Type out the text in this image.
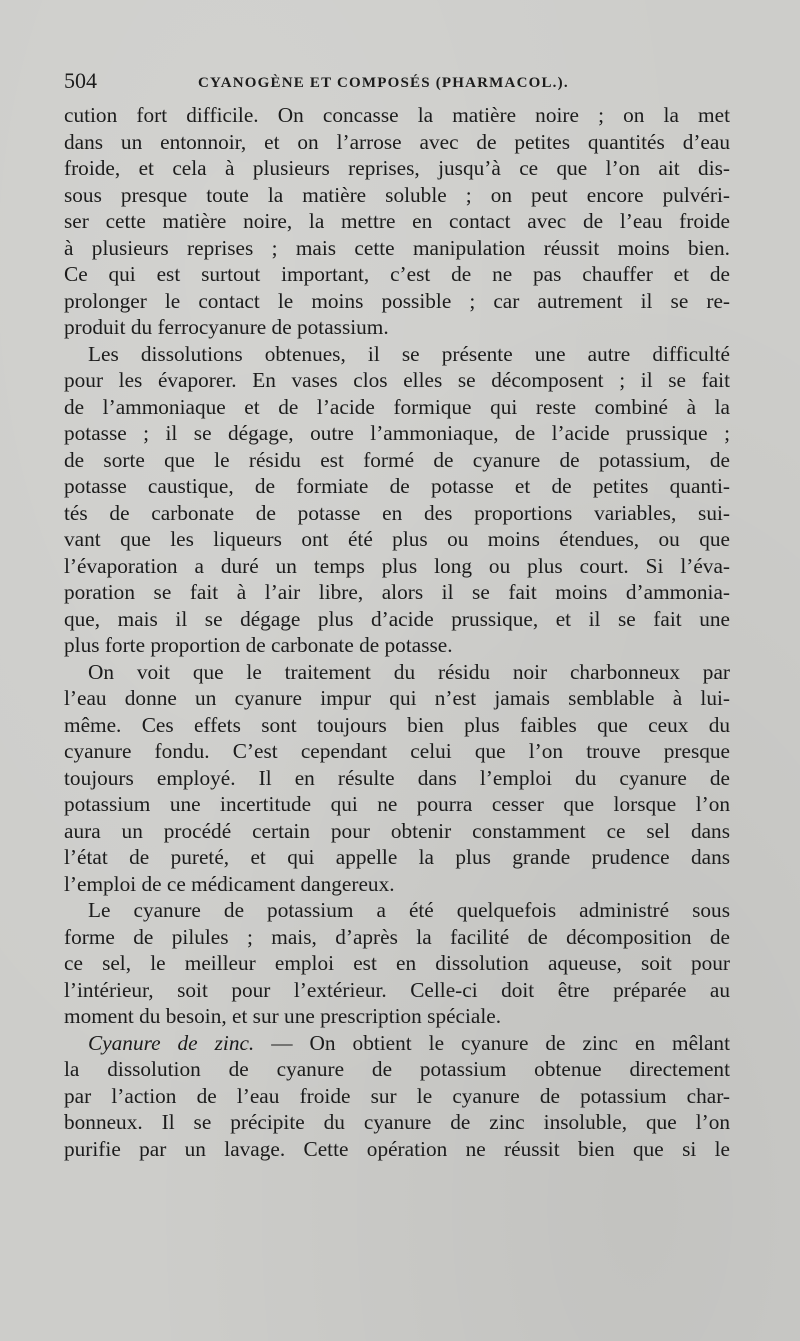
504	CYANOGÈNE ET COMPOSÉS (PHARMACOL.).
cution fort difficile. On concasse la matière noire ; on la met
dans un entonnoir, et on l’arrose avec de petites quantités d’eau
froide, et cela à plusieurs reprises, jusqu’à ce que l’on ait dis-
sous presque toute la matière soluble ; on peut encore pulvéri-
ser cette matière noire, la mettre en contact avec de l’eau froide
à plusieurs reprises ; mais cette manipulation réussit moins bien.
Ce qui est surtout important, c’est de ne pas chauffer et de
prolonger le contact le moins possible ; car autrement il se re-
produit du ferrocyanure de potassium.
Les dissolutions obtenues, il se présente une autre difficulté
pour les évaporer. En vases clos elles se décomposent ; il se fait
de l’ammoniaque et de l’acide formique qui reste combiné à la
potasse ; il se dégage, outre l’ammoniaque, de l’acide prussique ;
de sorte que le résidu est formé de cyanure de potassium, de
potasse caustique, de formiate de potasse et de petites quanti-
tés de carbonate de potasse en des proportions variables, sui-
vant que les liqueurs ont été plus ou moins étendues, ou que
l’évaporation a duré un temps plus long ou plus court. Si l’éva-
poration se fait à l’air libre, alors il se fait moins d’ammonia-
que, mais il se dégage plus d’acide prussique, et il se fait une
plus forte proportion de carbonate de potasse.
On voit que le traitement du résidu noir charbonneux par
l’eau donne un cyanure impur qui n’est jamais semblable à lui-
même. Ces effets sont toujours bien plus faibles que ceux du
cyanure fondu. C’est cependant celui que l’on trouve presque
toujours employé. Il en résulte dans l’emploi du cyanure de
potassium une incertitude qui ne pourra cesser que lorsque l’on
aura un procédé certain pour obtenir constamment ce sel dans
l’état de pureté, et qui appelle la plus grande prudence dans
l’emploi de ce médicament dangereux.
Le cyanure de potassium a été quelquefois administré sous
forme de pilules ; mais, d’après la facilité de décomposition de
ce sel, le meilleur emploi est en dissolution aqueuse, soit pour
l’intérieur, soit pour l’extérieur. Celle-ci doit être préparée au
moment du besoin, et sur une prescription spéciale.
Cyanure de zinc. — On obtient le cyanure de zinc en mêlant
la dissolution de cyanure de potassium obtenue directement
par l’action de l’eau froide sur le cyanure de potassium char-
bonneux. Il se précipite du cyanure de zinc insoluble, que l’on
purifie par un lavage. Cette opération ne réussit bien que si le
